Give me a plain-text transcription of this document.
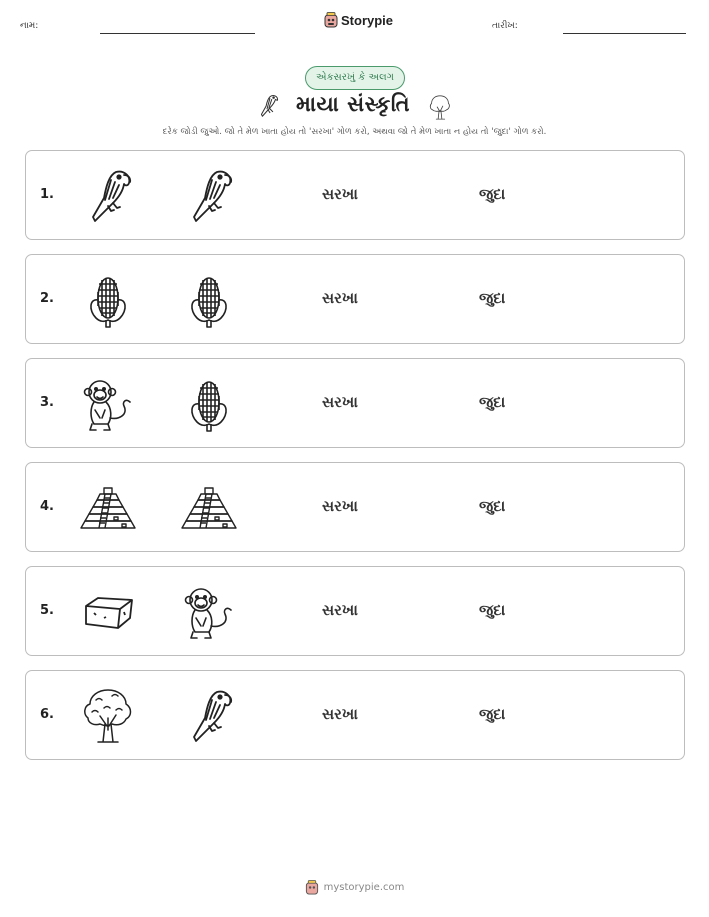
નામ:	Storypie	તારીખ:
એકસરખું કે અલગ
માયા સંસ્કૃતિ
દરેક જોડી જુઓ. જો તે મેળ ખાતા હોય તો 'સરખા' ગોળ કરો, અથવા જો તે મેળ ખાતા ન હોય તો 'જુદા' ગોળ કરો.
1.	સરખા	જુદા
2.	સરખા	જુદા
3.	સરખા	જુદા
4.	સરખા	જુદા
5.	સરખા	જુદા
6.	સરખા	જુદા
mystorypie.com
